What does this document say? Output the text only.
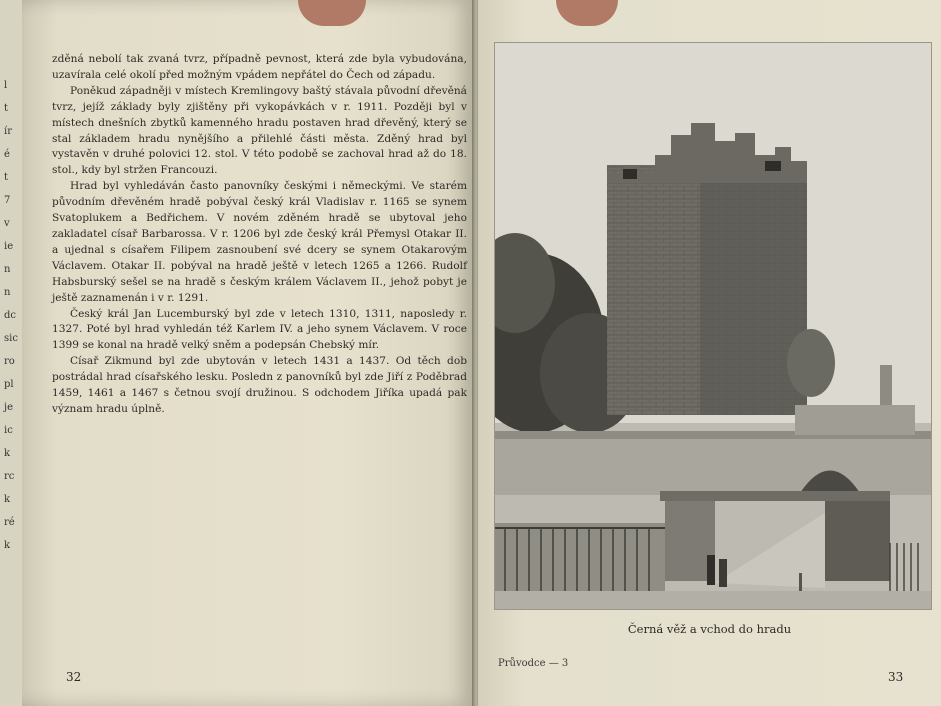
l
t
ír
é
t
7
v
ie
n
n
dc
sic
ro
pl
je
ic
k
rc
k
ré
k

zděná nebolí tak zvaná tvrz, případně pevnost, která zde byla vybudována, uzavírala celé okolí před možným vpádem nepřátel do Čech od západu.

Poněkud západněji v místech Kremlingovy baštý stávala původní dřevěná tvrz, jejíž základy byly zjištěny při vykopávkách v r. 1911. Později byl v místech dnešních zbytků kamenného hradu postaven hrad dřevěný, který se stal základem hradu nynějšího a přilehlé části města. Zděný hrad byl vystavěn v druhé polovici 12. stol. V této podobě se zachoval hrad až do 18. stol., kdy byl stržen Francouzi.

Hrad byl vyhledáván často panovníky českými i německými. Ve starém původním dřevěném hradě pobýval český král Vladislav r. 1165 se synem Svatoplukem a Bedřichem. V novém zděném hradě se ubytoval jeho zakladatel císař Barbarossa. V r. 1206 byl zde český král Přemysl Otakar II. a ujednal s císařem Filipem zasnoubení své dcery se synem Otakarovým Václavem. Otakar II. pobýval na hradě ještě v letech 1265 a 1266. Rudolf Habsburský sešel se na hradě s českým králem Václavem II., jehož pobyt je ještě zaznamenán i v r. 1291.

Český král Jan Lucemburský byl zde v letech 1310, 1311, naposledy r. 1327. Poté byl hrad vyhledán též Karlem IV. a jeho synem Václavem. V roce 1399 se konal na hradě velký sněm a podepsán Chebský mír.

Císař Zikmund byl zde ubytován v letech 1431 a 1437. Od těch dob postrádal hrad císařského lesku. Posledn z panovníků byl zde Jiří z Poděbrad 1459, 1461 a 1467 s četnou svojí družinou. S odchodem Jiříka upadá pak význam hradu úplně.

32
Černá věž a vchod do hradu
Průvodce — 3
33
